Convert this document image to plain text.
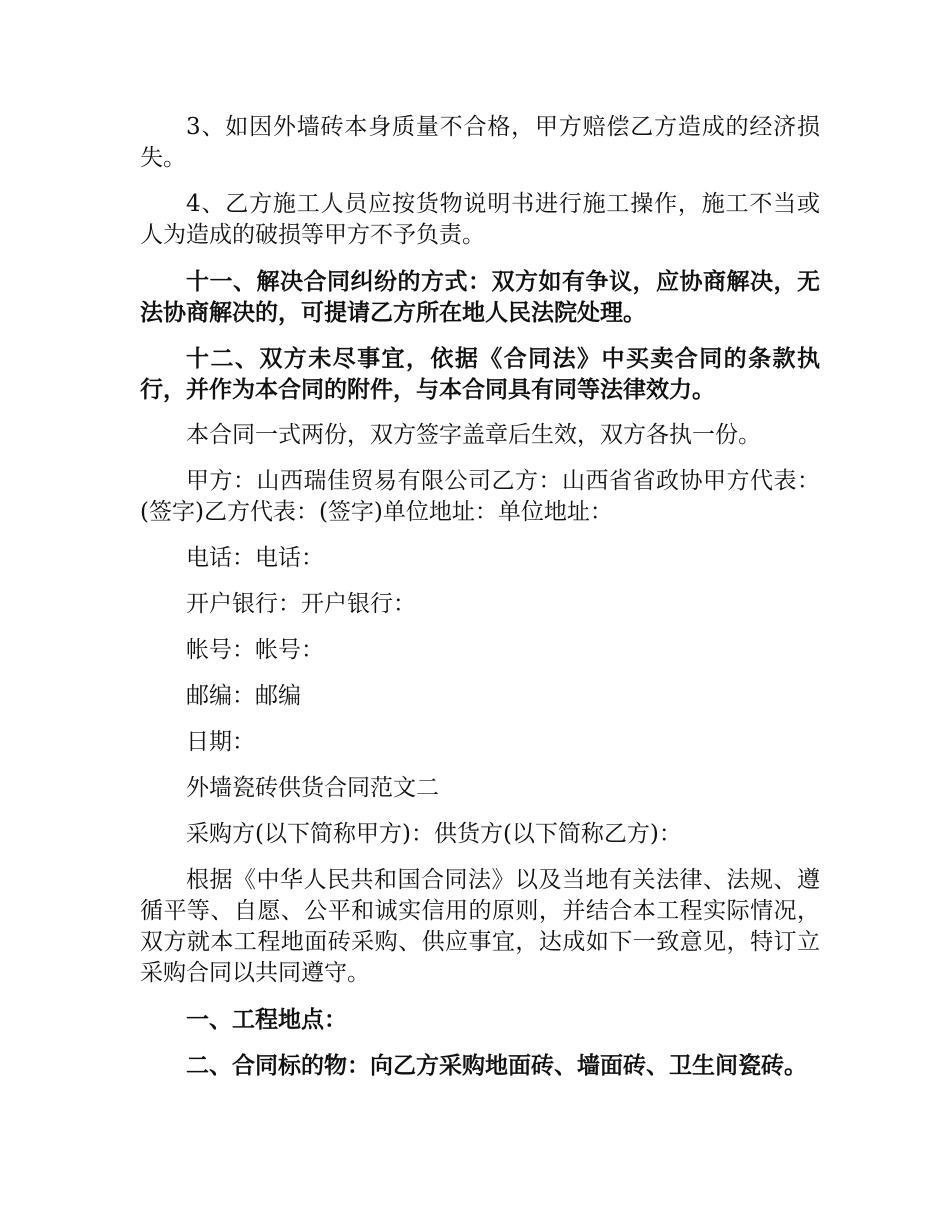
3、如因外墙砖本身质量不合格，甲方赔偿乙方造成的经济损失。

4、乙方施工人员应按货物说明书进行施工操作，施工不当或人为造成的破损等甲方不予负责。

十一、解决合同纠纷的方式：双方如有争议，应协商解决，无法协商解决的，可提请乙方所在地人民法院处理。

十二、双方未尽事宜，依据《合同法》中买卖合同的条款执行，并作为本合同的附件，与本合同具有同等法律效力。

本合同一式两份，双方签字盖章后生效，双方各执一份。

甲方：山西瑞佳贸易有限公司乙方：山西省省政协甲方代表：(签字)乙方代表：(签字)单位地址：单位地址：

电话：电话：

开户银行：开户银行：

帐号：帐号：

邮编：邮编

日期：

外墙瓷砖供货合同范文二

采购方(以下简称甲方)：供货方(以下简称乙方)：

根据《中华人民共和国合同法》以及当地有关法律、法规、遵循平等、自愿、公平和诚实信用的原则，并结合本工程实际情况，双方就本工程地面砖采购、供应事宜，达成如下一致意见，特订立采购合同以共同遵守。

一、工程地点：

二、合同标的物：向乙方采购地面砖、墙面砖、卫生间瓷砖。
